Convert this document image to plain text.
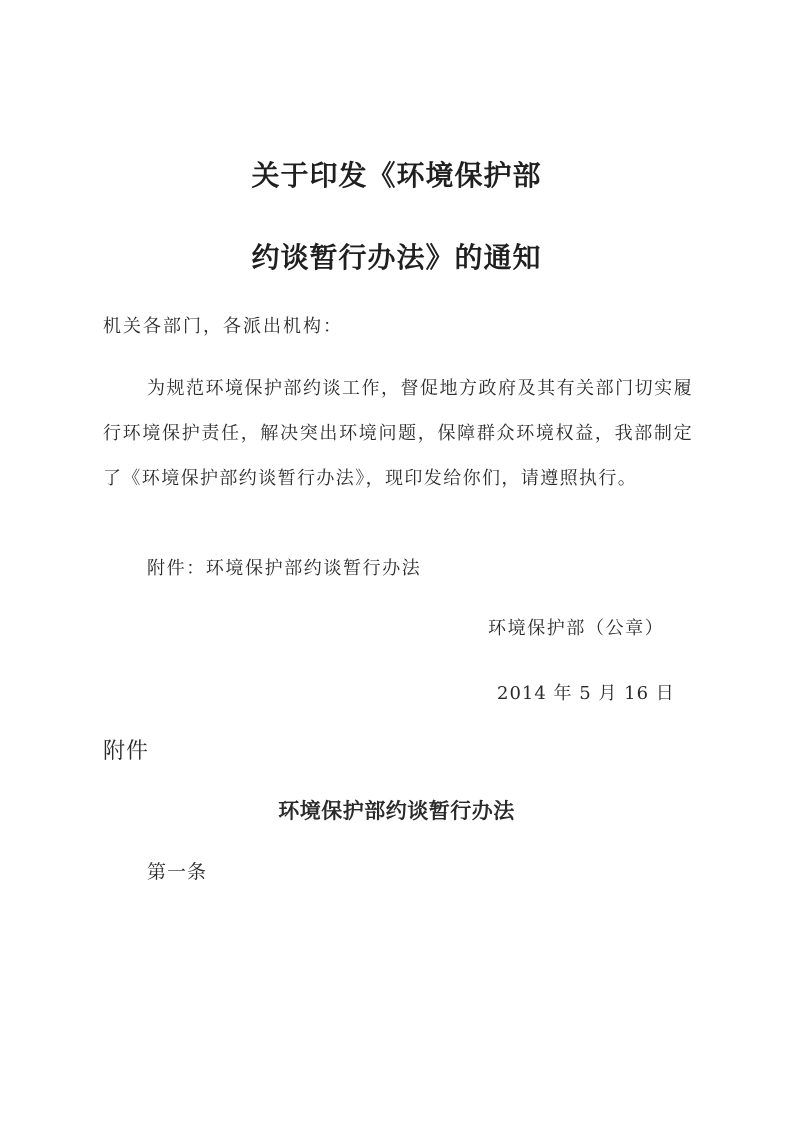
关于印发《环境保护部
约谈暂行办法》的通知
机关各部门，各派出机构：
为规范环境保护部约谈工作，督促地方政府及其有关部门切实履行环境保护责任，解决突出环境问题，保障群众环境权益，我部制定了《环境保护部约谈暂行办法》，现印发给你们，请遵照执行。
附件：环境保护部约谈暂行办法
环境保护部（公章）
2014 年 5 月 16 日
附件
环境保护部约谈暂行办法
第一条
